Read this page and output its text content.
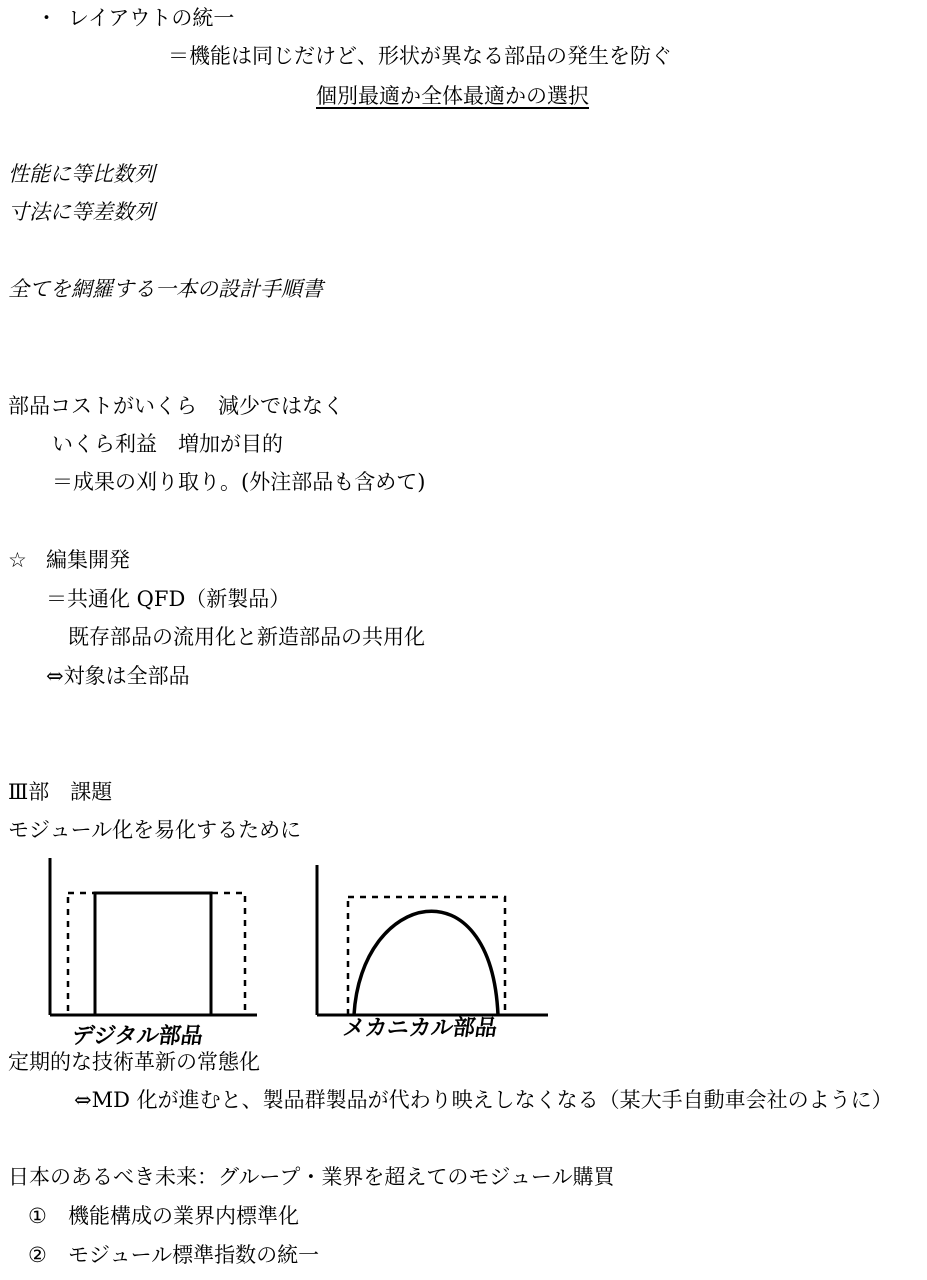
・ レイアウトの統一
＝機能は同じだけど、形状が異なる部品の発生を防ぐ
個別最適か全体最適かの選択
性能に等比数列
寸法に等差数列
全てを網羅する一本の設計手順書
部品コストがいくら　減少ではなく
いくら利益　増加が目的
＝成果の刈り取り。(外注部品も含めて)
☆ 編集開発
＝共通化 QFD（新製品）
既存部品の流用化と新造部品の共用化
⇔対象は全部品
Ⅲ部　課題
モジュール化を易化するために
デジタル部品	メカニカル部品
定期的な技術革新の常態化
⇔MD 化が進むと、製品群製品が代わり映えしなくなる（某大手自動車会社のように）
日本のあるべき未来：グループ・業界を超えてのモジュール購買
① 機能構成の業界内標準化
② モジュール標準指数の統一
